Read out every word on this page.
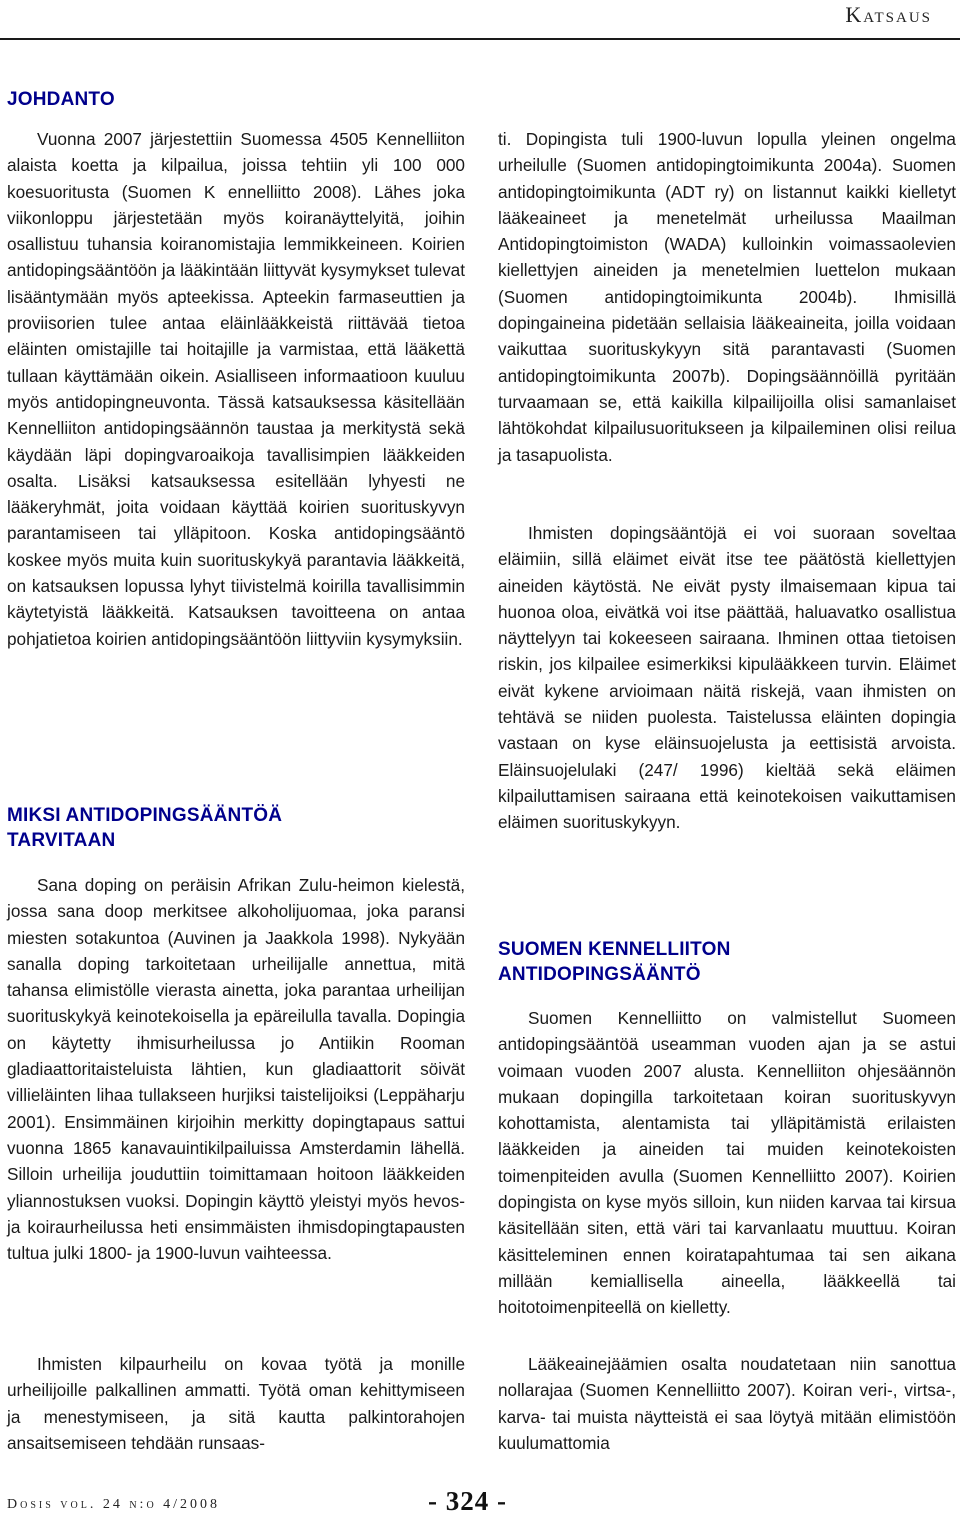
Katsaus
JOHDANTO

Vuonna 2007 järjestettiin Suomessa 4505 Kennelliiton alaista koetta ja kilpailua, joissa tehtiin yli 100 000 koesuoritusta (Suomen K ennelliitto 2008). Lähes joka viikonloppu järjestetään myös koiranäyttelyitä, joihin osallistuu tuhansia koiranomistajia lemmikkeineen. Koirien antidopingsääntöön ja lääkintään liittyvät kysymykset tulevat lisääntymään myös apteekissa. Apteekin farmaseuttien ja proviisorien tulee antaa eläinlääkkeistä riittävää tietoa eläinten omistajille tai hoitajille ja varmistaa, että lääkettä tullaan käyttämään oikein. Asialliseen informaatioon kuuluu myös antidopingneuvonta. Tässä katsauksessa käsitellään Kennelliiton antidopingsäännön taustaa ja merkitystä sekä käydään läpi dopingvaroaikoja tavallisimpien lääkkeiden osalta. Lisäksi katsauksessa esitellään lyhyesti ne lääkeryhmät, joita voidaan käyttää koirien suorituskyvyn parantamiseen tai ylläpitoon. Koska antidopingsääntö koskee myös muita kuin suorituskykyä parantavia lääkkeitä, on katsauksen lopussa lyhyt tiivistelmä koirilla tavallisimmin käytetyistä lääkkeitä. Katsauksen tavoitteena on antaa pohjatietoa koirien antidopingsääntöön liittyviin kysymyksiin.

MIKSI ANTIDOPINGSÄÄNTÖÄ
TARVITAAN

Sana doping on peräisin Afrikan Zulu-heimon kielestä, jossa sana doop merkitsee alkoholijuomaa, joka paransi miesten sotakuntoa (Auvinen ja Jaakkola 1998). Nykyään sanalla doping tarkoitetaan urheilijalle annettua, mitä tahansa elimistölle vierasta ainetta, joka parantaa urheilijan suorituskykyä keinotekoisella ja epäreilulla tavalla. Dopingia on käytetty ihmisurheilussa jo Antiikin Rooman gladiaattoritaisteluista lähtien, kun gladiaattorit söivät villieläinten lihaa tullakseen hurjiksi taistelijoiksi (Leppäharju 2001). Ensimmäinen kirjoihin merkitty dopingtapaus sattui vuonna 1865 kanavauintikilpailuissa Amsterdamin lähellä. Silloin urheilija jouduttiin toimittamaan hoitoon lääkkeiden yliannostuksen vuoksi. Dopingin käyttö yleistyi myös hevos- ja koiraurheilussa heti ensimmäisten ihmisdopingtapausten tultua julki 1800- ja 1900-luvun vaihteessa.

Ihmisten kilpaurheilu on kovaa työtä ja monille urheilijoille palkallinen ammatti. Työtä oman kehittymiseen ja menestymiseen, ja sitä kautta palkintorahojen ansaitsemiseen tehdään runsaas-

ti. Dopingista tuli 1900-luvun lopulla yleinen ongelma urheilulle (Suomen antidopingtoimikunta 2004a). Suomen antidopingtoimikunta (ADT ry) on listannut kaikki kielletyt lääkeaineet ja menetelmät urheilussa Maailman Antidopingtoimiston (WADA) kulloinkin voimassaolevien kiellettyjen aineiden ja menetelmien luettelon mukaan (Suomen antidopingtoimikunta 2004b). Ihmisillä dopingaineina pidetään sellaisia lääkeaineita, joilla voidaan vaikuttaa suorituskykyyn sitä parantavasti (Suomen antidopingtoimikunta 2007b). Dopingsäännöillä pyritään turvaamaan se, että kaikilla kilpailijoilla olisi samanlaiset lähtökohdat kilpailusuoritukseen ja kilpaileminen olisi reilua ja tasapuolista.

Ihmisten dopingsääntöjä ei voi suoraan soveltaa eläimiin, sillä eläimet eivät itse tee päätöstä kiellettyjen aineiden käytöstä. Ne eivät pysty ilmaisemaan kipua tai huonoa oloa, eivätkä voi itse päättää, haluavatko osallistua näyttelyyn tai kokeeseen sairaana. Ihminen ottaa tietoisen riskin, jos kilpailee esimerkiksi kipulääkkeen turvin. Eläimet eivät kykene arvioimaan näitä riskejä, vaan ihmisten on tehtävä se niiden puolesta. Taistelussa eläinten dopingia vastaan on kyse eläinsuojelusta ja eettisistä arvoista. Eläinsuojelulaki (247/ 1996) kieltää sekä eläimen kilpailuttamisen sairaana että keinotekoisen vaikuttamisen eläimen suorituskykyyn.

SUOMEN KENNELLIITON
ANTIDOPINGSÄÄNTÖ

Suomen Kennelliitto on valmistellut Suomeen antidopingsääntöä useamman vuoden ajan ja se astui voimaan vuoden 2007 alusta. Kennelliiton ohjesäännön mukaan dopingilla tarkoitetaan koiran suorituskyvyn kohottamista, alentamista tai ylläpitämistä erilaisten lääkkeiden ja aineiden tai muiden keinotekoisten toimenpiteiden avulla (Suomen Kennelliitto 2007). Koirien dopingista on kyse myös silloin, kun niiden karvaa tai kirsua käsitellään siten, että väri tai karvanlaatu muuttuu. Koiran käsitteleminen ennen koiratapahtumaa tai sen aikana millään kemiallisella aineella, lääkkeellä tai hoitotoimenpiteellä on kielletty.

Lääkeainejäämien osalta noudatetaan niin sanottua nollarajaa (Suomen Kennelliitto 2007). Koiran veri-, virtsa-, karva- tai muista näytteistä ei saa löytyä mitään elimistöön kuulumattomia

Dosis vol. 24 n:o 4/2008	- 324 -
